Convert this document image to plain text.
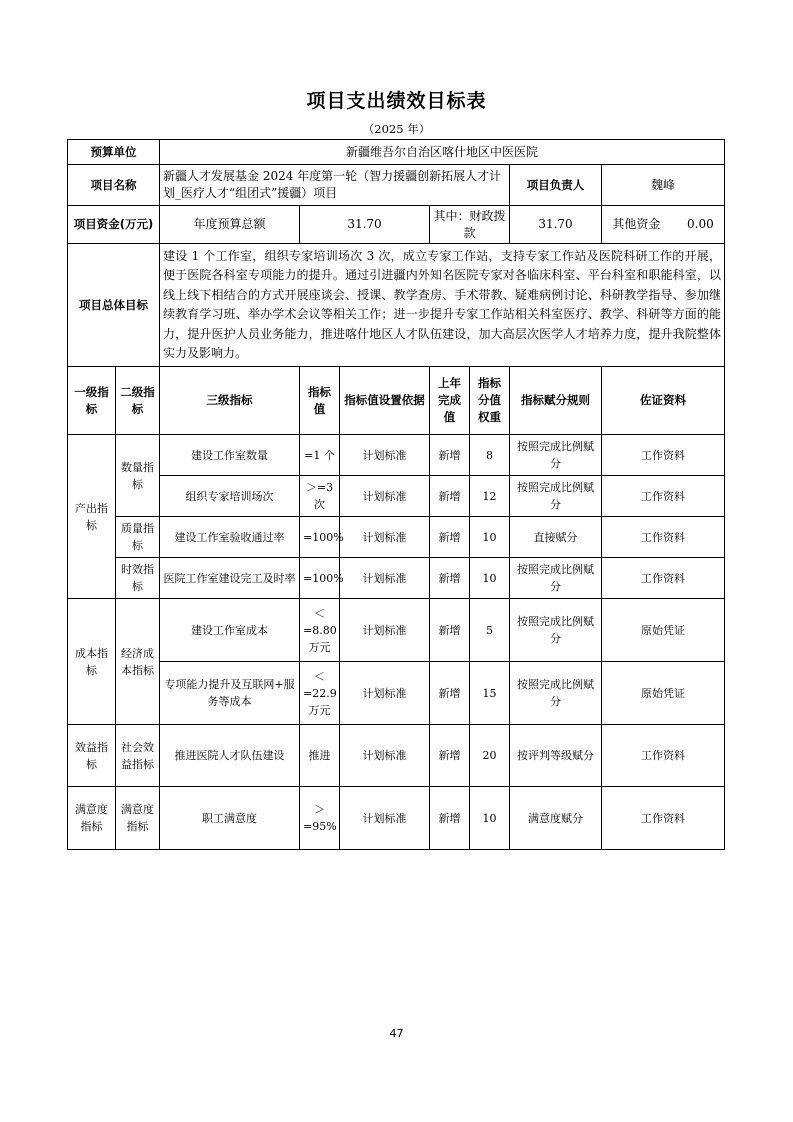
项目支出绩效目标表
（2025 年）
预算单位		新疆维吾尔自治区喀什地区中医医院						
项目名称		新疆人才发展基金 2024 年度第一轮（智力援疆创新拓展人才计划_医疗人才“组团式”援疆）项目					项目负责人	魏峰
项目资金(万元)		年度预算总额	31.70		其中：财政拨款		31.70	其他资金 0.00
项目总体目标		建设 1 个工作室，组织专家培训场次 3 次，成立专家工作站，支持专家工作站及医院科研工作的开展，便于医院各科室专项能力的提升。通过引进疆内外知名医院专家对各临床科室、平台科室和职能科室，以线上线下相结合的方式开展座谈会、授课、教学查房、手术带教、疑难病例讨论、科研教学指导、参加继续教育学习班、举办学术会议等相关工作；进一步提升专家工作站相关科室医疗、教学、科研等方面的能力，提升医护人员业务能力，推进喀什地区人才队伍建设，加大高层次医学人才培养力度，提升我院整体实力及影响力。						
一级指标	二级指标	三级指标	指标值	指标值设置依据	上年完成值	指标分值权重	指标赋分规则	佐证资料
产出指标	数量指标	建设工作室数量	=1 个	计划标准	新增	8	按照完成比例赋分	工作资料
		组织专家培训场次	＞=3次	计划标准	新增	12	按照完成比例赋分	工作资料
	质量指标	建设工作室验收通过率	=100%	计划标准	新增	10	直接赋分	工作资料
	时效指标	医院工作室建设完工及时率	=100%	计划标准	新增	10	按照完成比例赋分	工作资料
成本指标	经济成本指标	建设工作室成本	＜=8.80万元	计划标准	新增	5	按照完成比例赋分	原始凭证
		专项能力提升及互联网+服务等成本	＜=22.9万元	计划标准	新增	15	按照完成比例赋分	原始凭证
效益指标	社会效益指标	推进医院人才队伍建设	推进	计划标准	新增	20	按评判等级赋分	工作资料
满意度指标	满意度指标	职工满意度	＞=95%	计划标准	新增	10	满意度赋分	工作资料
47
